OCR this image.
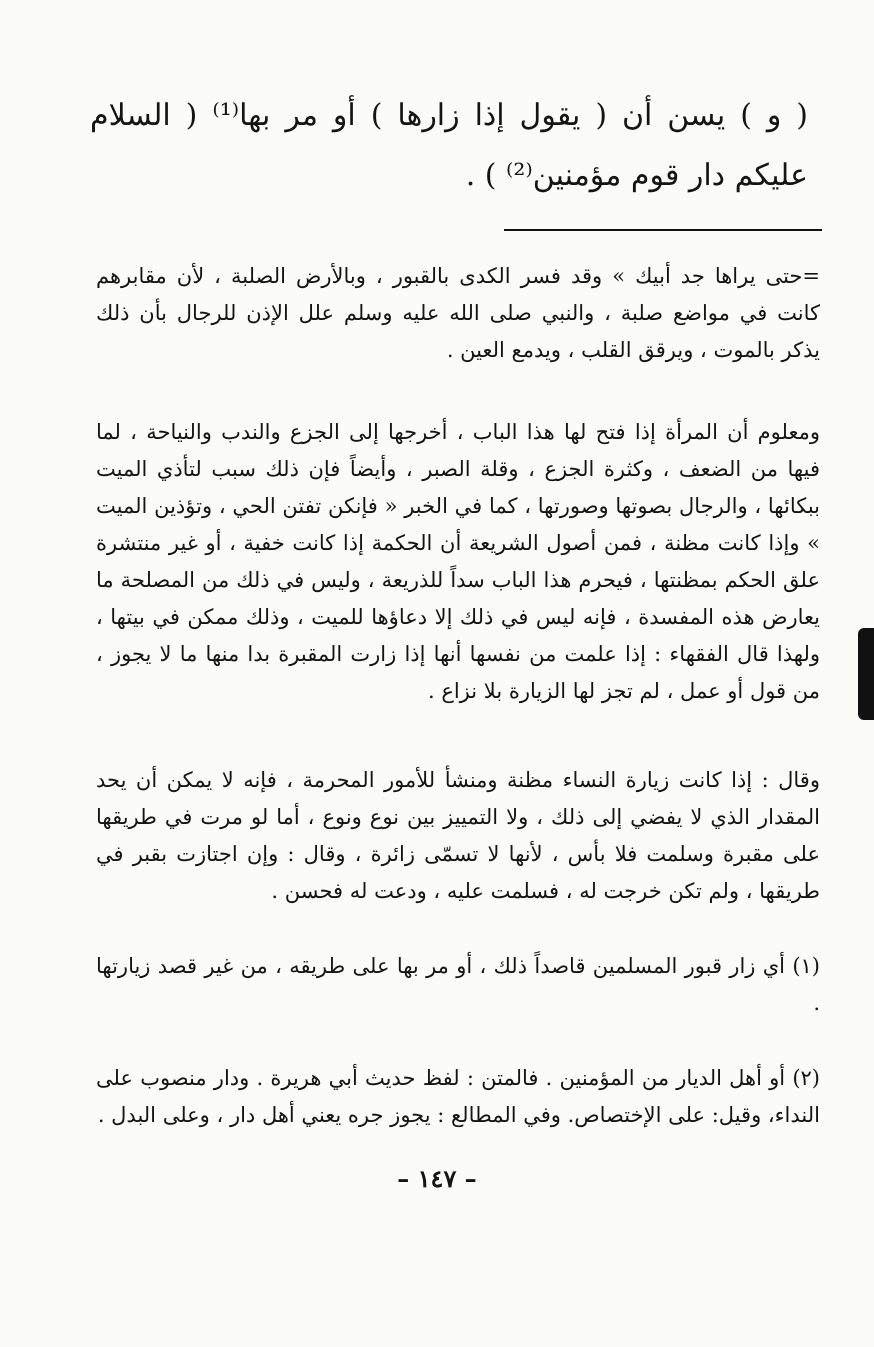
( و ) يسن أن ( يقول إذا زارها ) أو مر بها⁽¹⁾ ( السلام عليكم دار قوم مؤمنين⁽²⁾ ) .

=حتى يراها جد أبيك » وقد فسر الكدى بالقبور ، وبالأرض الصلبة ، لأن مقابرهم كانت في مواضع صلبة ، والنبي صلى الله عليه وسلم علل الإذن للرجال بأن ذلك يذكر بالموت ، ويرقق القلب ، ويدمع العين .

ومعلوم أن المرأة إذا فتح لها هذا الباب ، أخرجها إلى الجزع والندب والنياحة ، لما فيها من الضعف ، وكثرة الجزع ، وقلة الصبر ، وأيضاً فإن ذلك سبب لتأذي الميت ببكائها ، والرجال بصوتها وصورتها ، كما في الخبر « فإنكن تفتن الحي ، وتؤذين الميت » وإذا كانت مظنة ، فمن أصول الشريعة أن الحكمة إذا كانت خفية ، أو غير منتشرة علق الحكم بمظنتها ، فيحرم هذا الباب سداً للذريعة ، وليس في ذلك من المصلحة ما يعارض هذه المفسدة ، فإنه ليس في ذلك إلا دعاؤها للميت ، وذلك ممكن في بيتها ، ولهذا قال الفقهاء : إذا علمت من نفسها أنها إذا زارت المقبرة بدا منها ما لا يجوز ، من قول أو عمل ، لم تجز لها الزيارة بلا نزاع .

وقال : إذا كانت زيارة النساء مظنة ومنشأ للأمور المحرمة ، فإنه لا يمكن أن يحد المقدار الذي لا يفضي إلى ذلك ، ولا التمييز بين نوع ونوع ، أما لو مرت في طريقها على مقبرة وسلمت فلا بأس ، لأنها لا تسمّى زائرة ، وقال : وإن اجتازت بقبر في طريقها ، ولم تكن خرجت له ، فسلمت عليه ، ودعت له فحسن .

(١) أي زار قبور المسلمين قاصداً ذلك ، أو مر بها على طريقه ، من غير قصد زيارتها .

(٢) أو أهل الديار من المؤمنين . فالمتن : لفظ حديث أبي هريرة . ودار منصوب على النداء، وقيل: على الإختصاص. وفي المطالع : يجوز جره يعني أهل دار ، وعلى البدل .

– ١٤٧ –
